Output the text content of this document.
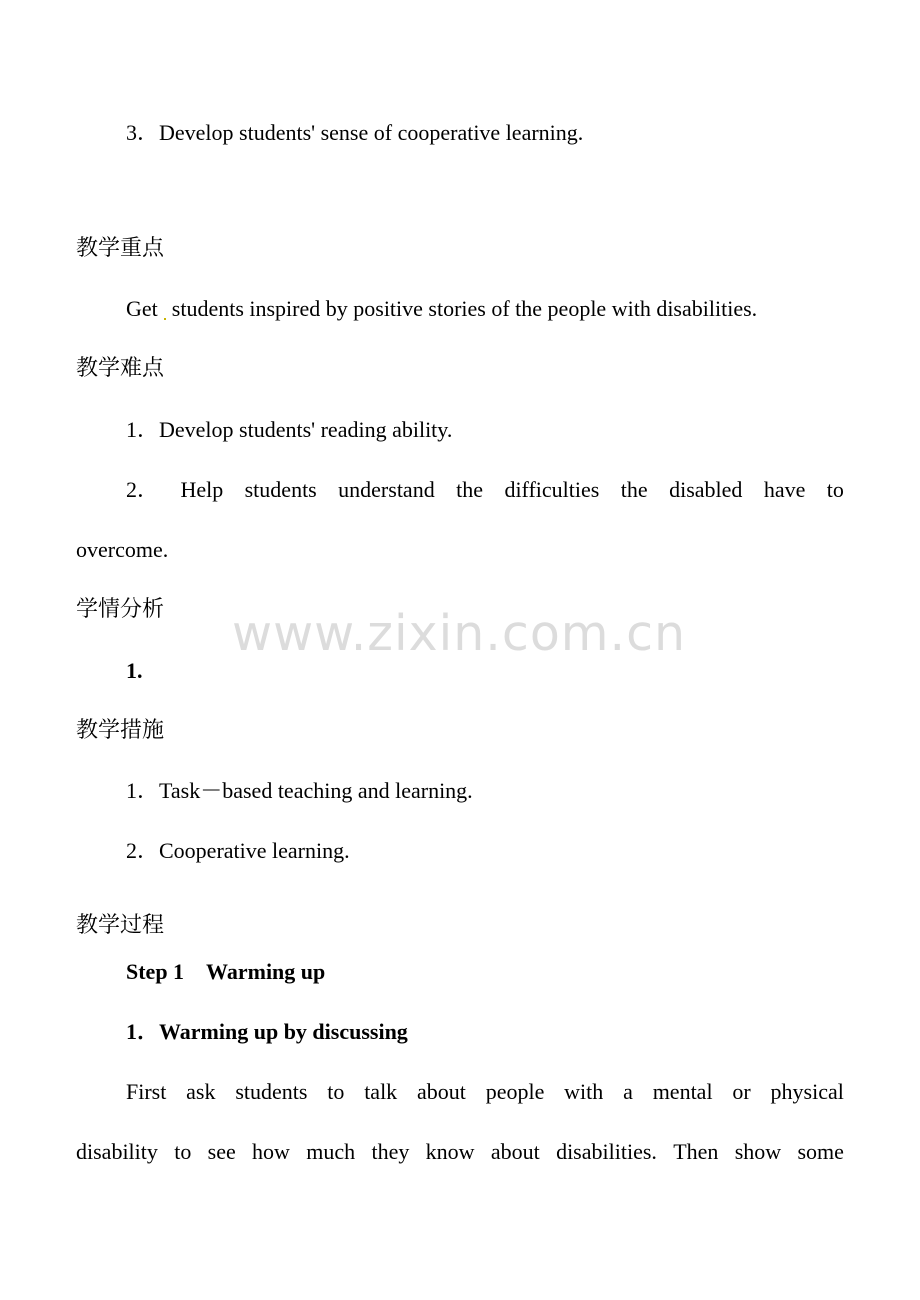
3．Develop students' sense of cooperative learning.
教学重点
Get students inspired by positive stories of the people with disabilities.
教学难点
1．Develop students' reading ability.
2． Help students understand the difficulties the disabled have to
overcome.
学情分析 www.zixin.com.cn
1.
教学措施
1．Task－based teaching and learning.
2．Cooperative learning.
教学过程
Step 1　Warming up
1．Warming up by discussing
First ask students to talk about people with a mental or physical
disability to see how much they know about disabilities. Then show some
